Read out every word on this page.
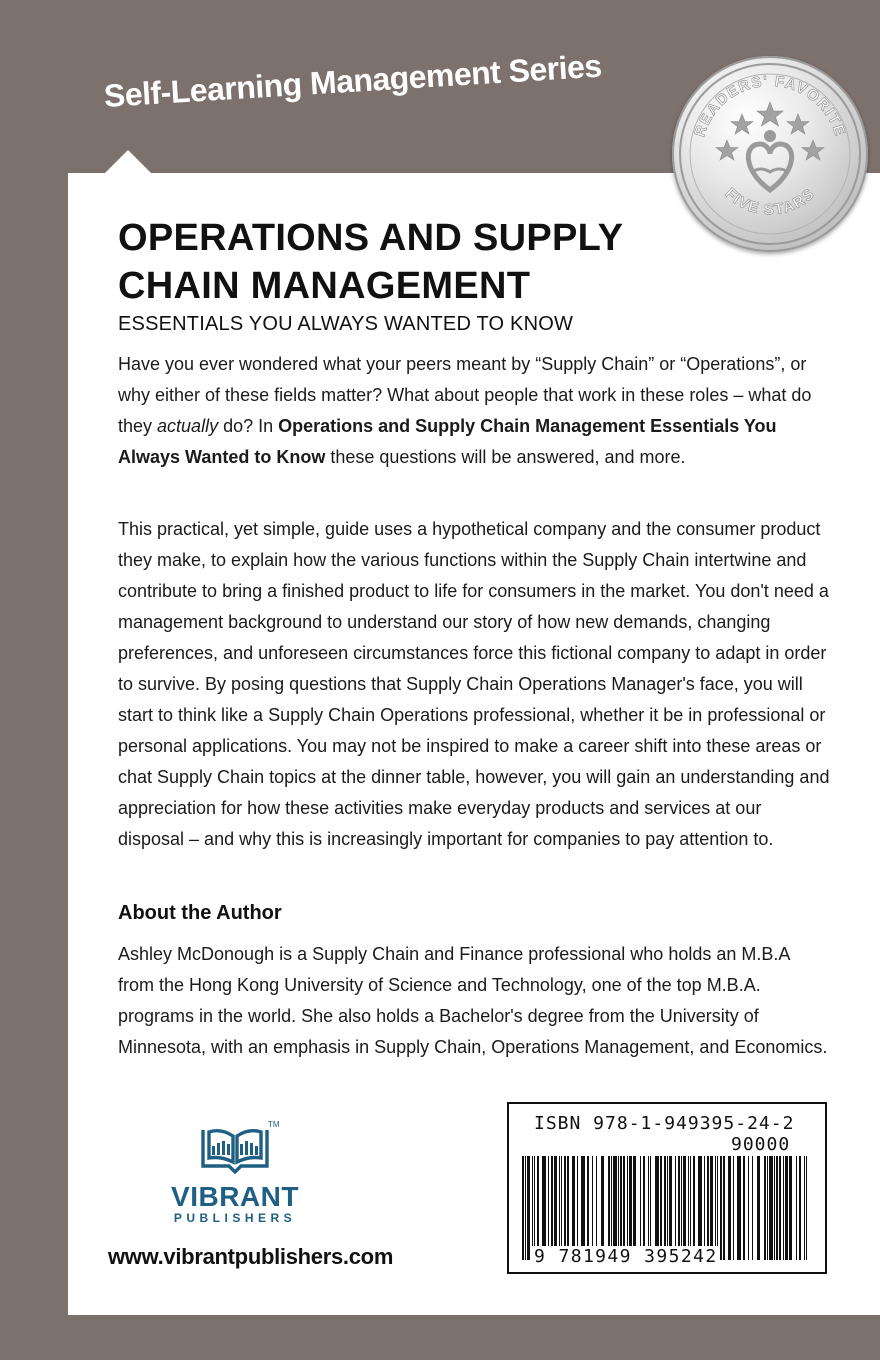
Self-Learning Management Series
READERS' FAVORITE
FIVE STARS
OPERATIONS AND SUPPLY
CHAIN MANAGEMENT
ESSENTIALS YOU ALWAYS WANTED TO KNOW
Have you ever wondered what your peers meant by “Supply Chain” or “Operations”, or why either of these fields matter? What about people that work in these roles – what do they actually do? In Operations and Supply Chain Management Essentials You Always Wanted to Know these questions will be answered, and more.
This practical, yet simple, guide uses a hypothetical company and the consumer product they make, to explain how the various functions within the Supply Chain intertwine and contribute to bring a finished product to life for consumers in the market. You don't need a management background to understand our story of how new demands, changing preferences, and unforeseen circumstances force this fictional company to adapt in order to survive. By posing questions that Supply Chain Operations Manager's face, you will start to think like a Supply Chain Operations professional, whether it be in professional or personal applications. You may not be inspired to make a career shift into these areas or chat Supply Chain topics at the dinner table, however, you will gain an understanding and appreciation for how these activities make everyday products and services at our disposal – and why this is increasingly important for companies to pay attention to.
About the Author
Ashley McDonough is a Supply Chain and Finance professional who holds an M.B.A from the Hong Kong University of Science and Technology, one of the top M.B.A. programs in the world. She also holds a Bachelor's degree from the University of Minnesota, with an emphasis in Supply Chain, Operations Management, and Economics.
TM
VIBRANT
PUBLISHERS
www.vibrantpublishers.com
ISBN 978-1-949395-24-2
90000
9 781949 395242
